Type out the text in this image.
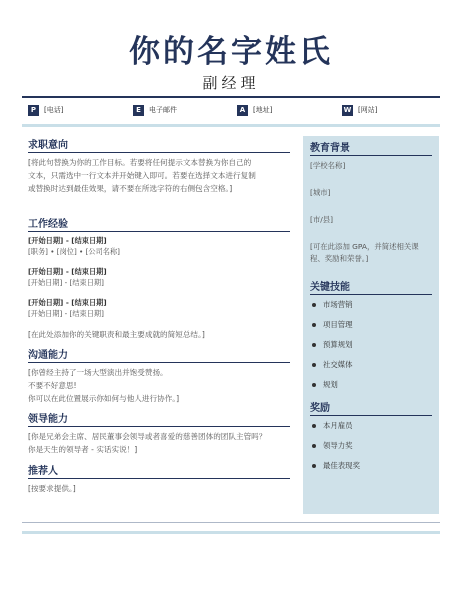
你的名字姓氏
副经理
P	[电话]	E	电子邮件	A	[地址]	W [网站]
求职意向
[将此句替换为你的工作目标。若要将任何提示文本替换为你自己的
文本，只需选中一行文本并开始键入即可。若要在选择文本进行复制
或替换时达到最佳效果，请不要在所选字符的右侧包含空格。]
工作经验
[开始日期] - [结束日期]
[职务] • [岗位] • [公司名称]
[开始日期] - [结束日期]
[开始日期] - [结束日期]
[开始日期] - [结束日期]
[开始日期] - [结束日期]
[在此处添加你的关键职责和最主要成就的简短总结。]
沟通能力
[你曾经主持了一场大型演出并饱受赞扬。
不要不好意思!
你可以在此位置展示你如何与他人进行协作。]
领导能力
[你是兄弟会主席、居民董事会领导或者喜爱的慈善团体的团队主管吗？
你是天生的领导者 - 实话实说！]
推荐人
[按要求提供。]
教育背景
[学校名称]
[城市]
[市/县]
[可在此添加 GPA，并简述相关课程、奖励和荣誉。]
关键技能
市场营销
项目管理
预算规划
社交媒体
规划
奖励
本月雇员
领导力奖
最佳表现奖
